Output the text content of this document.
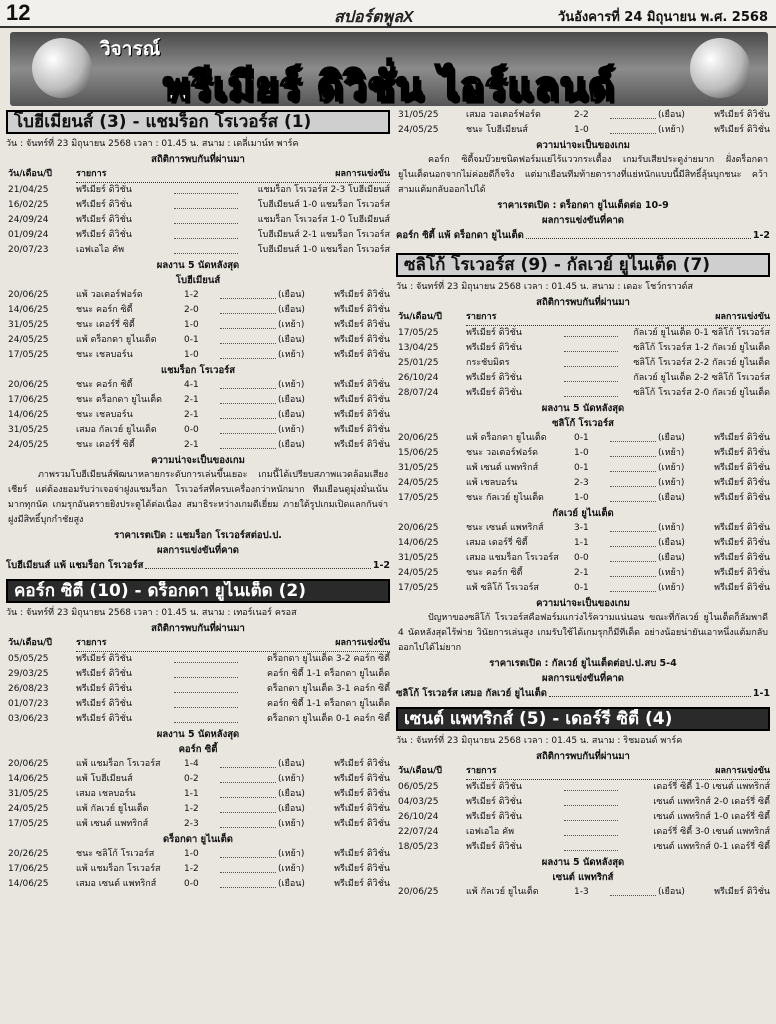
12	สปอร์ตพูลX	วันอังคารที่ 24 มิถุนายน พ.ศ. 2568
วิจารณ์
พรีเมียร์ ดิวิชั่น ไอร์แลนด์
โบฮีเมียนส์ (3) - แชมร็อก โรเวอร์ส (1)
วัน : จันทร์ที่ 23 มิถุนายน 2568 เวลา : 01.45 น. สนาม : เดลี่เมาน์ท พาร์ค
สถิติการพบกันที่ผ่านมา
วัน/เดือน/ปี	รายการ	ผลการแข่งขัน
21/04/25	พรีเมียร์ ดิวิชั่น	แชมร็อก โรเวอร์ส 2-3 โบฮีเมียนส์
16/02/25	พรีเมียร์ ดิวิชั่น	โบฮีเมียนส์ 1-0 แชมร็อก โรเวอร์ส
24/09/24	พรีเมียร์ ดิวิชั่น	แชมร็อก โรเวอร์ส 1-0 โบฮีเมียนส์
01/09/24	พรีเมียร์ ดิวิชั่น	โบฮีเมียนส์ 2-1 แชมร็อก โรเวอร์ส
20/07/23	เอฟเอไอ คัพ	โบฮีเมียนส์ 1-0 แชมร็อก โรเวอร์ส
ผลงาน 5 นัดหลังสุด
โบฮีเมียนส์
20/06/25	แพ้ วอเตอร์ฟอร์ด	1-2	(เยือน)	พรีเมียร์ ดิวิชั่น
14/06/25	ชนะ คอร์ก ซิตี้	2-0	(เยือน)	พรีเมียร์ ดิวิชั่น
31/05/25	ชนะ เดอร์รี่ ซิตี้	1-0	(เหย้า)	พรีเมียร์ ดิวิชั่น
24/05/25	แพ้ ดร็อกดา ยูไนเต็ด	0-1	(เยือน)	พรีเมียร์ ดิวิชั่น
17/05/25	ชนะ เชลบอร์น	1-0	(เหย้า)	พรีเมียร์ ดิวิชั่น
แชมร็อก โรเวอร์ส
20/06/25	ชนะ คอร์ก ซิตี้	4-1	(เหย้า)	พรีเมียร์ ดิวิชั่น
17/06/25	ชนะ ดร็อกดา ยูไนเต็ด	2-1	(เยือน)	พรีเมียร์ ดิวิชั่น
14/06/25	ชนะ เชลบอร์น	2-1	(เยือน)	พรีเมียร์ ดิวิชั่น
31/05/25	เสมอ กัลเวย์ ยูไนเต็ด	0-0	(เหย้า)	พรีเมียร์ ดิวิชั่น
24/05/25	ชนะ เดอร์รี่ ซิตี้	2-1	(เยือน)	พรีเมียร์ ดิวิชั่น
ความน่าจะเป็นของเกม
ภาพรวมโบฮีเมียนส์พัฒนาหลายกระดับการเล่นขึ้นเยอะ เกมนี้ได้เปรียบสภาพแวดล้อมเสียงเชียร์ แต่ต้องยอมรับว่าเจอจ่าฝูงแชมร็อก โรเวอร์สที่ครบเครื่องกว่าหนักมาก ทีมเยือนดูมุ่งมั่นเน้นมากทุกนัด เกมรุกอันตรายยิงประตูได้ต่อเนื่อง สมาธิระหว่างเกมดีเยี่ยม ภายใต้รูปเกมเปิดแลกกันจ่าฝูงมีสิทธิ์บุกกำชัยสูง
ราคาเรตเปิด : แชมร็อก โรเวอร์สต่อป.ป.
ผลการแข่งขันที่คาด
โบฮีเมียนส์ แพ้ แชมร็อก โรเวอร์ส	1-2
คอร์ก ซิตี้ (10) - ดร็อกดา ยูไนเต็ด (2)
วัน : จันทร์ที่ 23 มิถุนายน 2568 เวลา : 01.45 น. สนาม : เทอร์เนอร์ ครอส
สถิติการพบกันที่ผ่านมา
วัน/เดือน/ปี	รายการ	ผลการแข่งขัน
05/05/25	พรีเมียร์ ดิวิชั่น	ดร็อกดา ยูไนเต็ด 3-2 คอร์ก ซิตี้
29/03/25	พรีเมียร์ ดิวิชั่น	คอร์ก ซิตี้ 1-1 ดร็อกดา ยูไนเต็ด
26/08/23	พรีเมียร์ ดิวิชั่น	ดร็อกดา ยูไนเต็ด 3-1 คอร์ก ซิตี้
01/07/23	พรีเมียร์ ดิวิชั่น	คอร์ก ซิตี้ 1-1 ดร็อกดา ยูไนเต็ด
03/06/23	พรีเมียร์ ดิวิชั่น	ดร็อกดา ยูไนเต็ด 0-1 คอร์ก ซิตี้
ผลงาน 5 นัดหลังสุด
คอร์ก ซิตี้
20/06/25	แพ้ แชมร็อก โรเวอร์ส	1-4	(เยือน)	พรีเมียร์ ดิวิชั่น
14/06/25	แพ้ โบฮีเมียนส์	0-2	(เหย้า)	พรีเมียร์ ดิวิชั่น
31/05/25	เสมอ เชลบอร์น	1-1	(เยือน)	พรีเมียร์ ดิวิชั่น
24/05/25	แพ้ กัลเวย์ ยูไนเต็ด	1-2	(เยือน)	พรีเมียร์ ดิวิชั่น
17/05/25	แพ้ เซนต์ แพทริกส์	2-3	(เหย้า)	พรีเมียร์ ดิวิชั่น
ดร็อกดา ยูไนเต็ด
20/26/25	ชนะ ซลิโก้ โรเวอร์ส	1-0	(เหย้า)	พรีเมียร์ ดิวิชั่น
17/06/25	แพ้ แชมร็อก โรเวอร์ส	1-2	(เหย้า)	พรีเมียร์ ดิวิชั่น
14/06/25	เสมอ เซนต์ แพทริกส์	0-0	(เยือน)	พรีเมียร์ ดิวิชั่น
31/05/25	เสมอ วอเตอร์ฟอร์ด	2-2	(เยือน)	พรีเมียร์ ดิวิชั่น
24/05/25	ชนะ โบฮีเมียนส์	1-0	(เหย้า)	พรีเมียร์ ดิวิชั่น
ความน่าจะเป็นของเกม
คอร์ก ซิตี้จมบ๊วยชนิดฟอร์มแย่ไร้แววกระเตื้อง เกมรับเสียประตูง่ายมาก ฝั่งดร็อกดา ยูไนเต็ดนอกจากไม่ค่อยดีก็จริง แต่มาเยือนทีมท้ายตารางที่แย่หนักแบบนี้มีสิทธิ์ลุ้นบุกชนะ คว้าสามแต้มกลับออกไปได้
ราคาเรตเปิด : ดร็อกดา ยูไนเต็ดต่อ 10-9
ผลการแข่งขันที่คาด
คอร์ก ซิตี้ แพ้ ดร็อกดา ยูไนเต็ด	1-2
ซลิโก้ โรเวอร์ส (9) - กัลเวย์ ยูไนเต็ด (7)
วัน : จันทร์ที่ 23 มิถุนายน 2568 เวลา : 01.45 น. สนาม : เดอะ โชว์กราวด์ส
สถิติการพบกันที่ผ่านมา
วัน/เดือน/ปี	รายการ	ผลการแข่งขัน
17/05/25	พรีเมียร์ ดิวิชั่น	กัลเวย์ ยูไนเต็ด 0-1 ซลิโก้ โรเวอร์ส
13/04/25	พรีเมียร์ ดิวิชั่น	ซลิโก้ โรเวอร์ส 1-2 กัลเวย์ ยูไนเต็ด
25/01/25	กระชับมิตร	ซลิโก้ โรเวอร์ส 2-2 กัลเวย์ ยูไนเต็ด
26/10/24	พรีเมียร์ ดิวิชั่น	กัลเวย์ ยูไนเต็ด 2-2 ซลิโก้ โรเวอร์ส
28/07/24	พรีเมียร์ ดิวิชั่น	ซลิโก้ โรเวอร์ส 2-0 กัลเวย์ ยูไนเต็ด
ผลงาน 5 นัดหลังสุด
ซลิโก้ โรเวอร์ส
20/06/25	แพ้ ดร็อกดา ยูไนเต็ด	0-1	(เยือน)	พรีเมียร์ ดิวิชั่น
15/06/25	ชนะ วอเตอร์ฟอร์ด	1-0	(เหย้า)	พรีเมียร์ ดิวิชั่น
31/05/25	แพ้ เซนต์ แพทริกส์	0-1	(เหย้า)	พรีเมียร์ ดิวิชั่น
24/05/25	แพ้ เชลบอร์น	2-3	(เหย้า)	พรีเมียร์ ดิวิชั่น
17/05/25	ชนะ กัลเวย์ ยูไนเต็ด	1-0	(เยือน)	พรีเมียร์ ดิวิชั่น
กัลเวย์ ยูไนเต็ด
20/06/25	ชนะ เซนต์ แพทริกส์	3-1	(เหย้า)	พรีเมียร์ ดิวิชั่น
14/06/25	เสมอ เดอร์รี่ ซิตี้	1-1	(เยือน)	พรีเมียร์ ดิวิชั่น
31/05/25	เสมอ แชมร็อก โรเวอร์ส	0-0	(เยือน)	พรีเมียร์ ดิวิชั่น
24/05/25	ชนะ คอร์ก ซิตี้	2-1	(เหย้า)	พรีเมียร์ ดิวิชั่น
17/05/25	แพ้ ซลิโก้ โรเวอร์ส	0-1	(เหย้า)	พรีเมียร์ ดิวิชั่น
ความน่าจะเป็นของเกม
ปัญหาของซลิโก้ โรเวอร์สคือฟอร์มแกว่งไร้ความแน่นอน ขณะที่กัลเวย์ ยูไนเต็ดก็ลัมพาดี 4 นัดหลังสุดไร้พ่าย วินัยการเล่นสูง เกมรับใช้ได้เกมรุกก็มีทีเด็ด อย่างน้อยน่ายันเอาหนึ่งแต้มกลับออกไปได้ไม่ยาก
ราคาเรตเปิด : กัลเวย์ ยูไนเต็ดต่อป.ป.สบ 5-4
ผลการแข่งขันที่คาด
ซลิโก้ โรเวอร์ส เสมอ กัลเวย์ ยูไนเต็ด	1-1
เซนต์ แพทริกส์ (5) - เดอร์รี่ ซิตี้ (4)
วัน : จันทร์ที่ 23 มิถุนายน 2568 เวลา : 01.45 น. สนาม : ริชมอนด์ พาร์ค
สถิติการพบกันที่ผ่านมา
วัน/เดือน/ปี	รายการ	ผลการแข่งขัน
06/05/25	พรีเมียร์ ดิวิชั่น	เดอร์รี่ ซิตี้ 1-0 เซนต์ แพทริกส์
04/03/25	พรีเมียร์ ดิวิชั่น	เซนต์ แพทริกส์ 2-0 เดอร์รี่ ซิตี้
26/10/24	พรีเมียร์ ดิวิชั่น	เซนต์ แพทริกส์ 1-0 เดอร์รี่ ซิตี้
22/07/24	เอฟเอไอ คัพ	เดอร์รี่ ซิตี้ 3-0 เซนต์ แพทริกส์
18/05/23	พรีเมียร์ ดิวิชั่น	เซนต์ แพทริกส์ 0-1 เดอร์รี่ ซิตี้
ผลงาน 5 นัดหลังสุด
เซนต์ แพทริกส์
20/06/25	แพ้ กัลเวย์ ยูไนเต็ด	1-3	(เยือน)	พรีเมียร์ ดิวิชั่น
